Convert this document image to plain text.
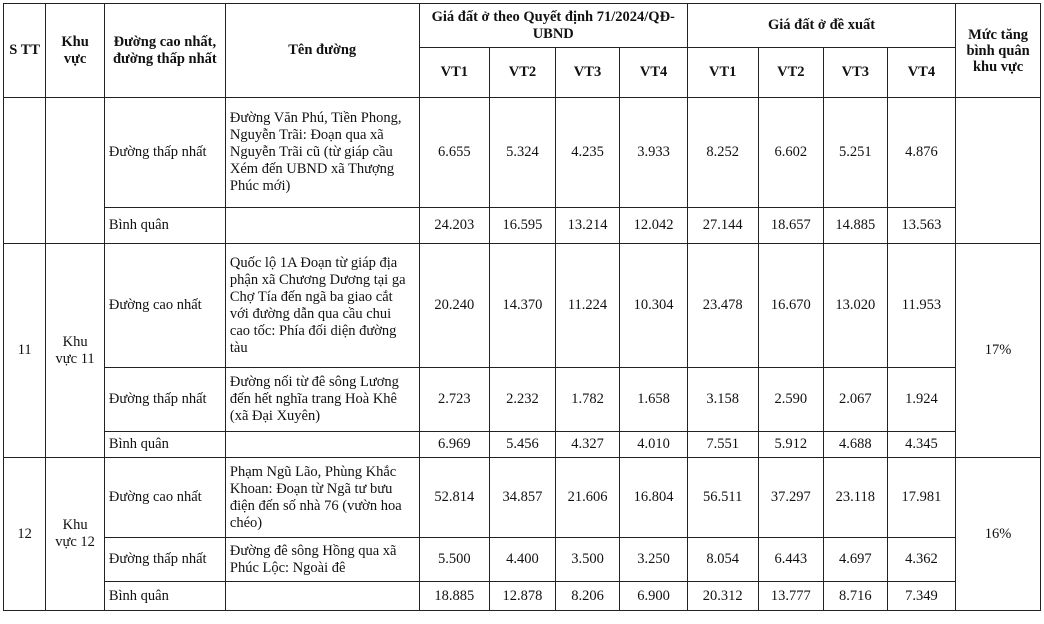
S TT	Khu vực	Đường cao nhất, đường thấp nhất	Tên đường	Giá đất ở theo Quyết định 71/2024/QĐ-UBND				Giá đất ở đề xuất				Mức tăng bình quân khu vực
				VT1	VT2	VT3	VT4	VT1	VT2	VT3	VT4	
		Đường thấp nhất	Đường Văn Phú, Tiền Phong, Nguyễn Trãi: Đoạn qua xã Nguyễn Trãi cũ (từ giáp cầu Xém đến UBND xã Thượng Phúc mới)	6.655	5.324	4.235	3.933	8.252	6.602	5.251	4.876	
		Bình quân		24.203	16.595	13.214	12.042	27.144	18.657	14.885	13.563	
11	Khu vực 11	Đường cao nhất	Quốc lộ 1A Đoạn từ giáp địa phận xã Chương Dương tại ga Chợ Tía đến ngã ba giao cắt với đường dẫn qua cầu chui cao tốc: Phía đối diện đường tàu	20.240	14.370	11.224	10.304	23.478	16.670	13.020	11.953	17%
		Đường thấp nhất	Đường nối từ đê sông Lương đến hết nghĩa trang Hoà Khê (xã Đại Xuyên)	2.723	2.232	1.782	1.658	3.158	2.590	2.067	1.924	
		Bình quân		6.969	5.456	4.327	4.010	7.551	5.912	4.688	4.345	
12	Khu vực 12	Đường cao nhất	Phạm Ngũ Lão, Phùng Khắc Khoan: Đoạn từ Ngã tư bưu điện đến số nhà 76 (vườn hoa chéo)	52.814	34.857	21.606	16.804	56.511	37.297	23.118	17.981	16%
		Đường thấp nhất	Đường đê sông Hồng qua xã Phúc Lộc: Ngoài đê	5.500	4.400	3.500	3.250	8.054	6.443	4.697	4.362	
		Bình quân		18.885	12.878	8.206	6.900	20.312	13.777	8.716	7.349	
